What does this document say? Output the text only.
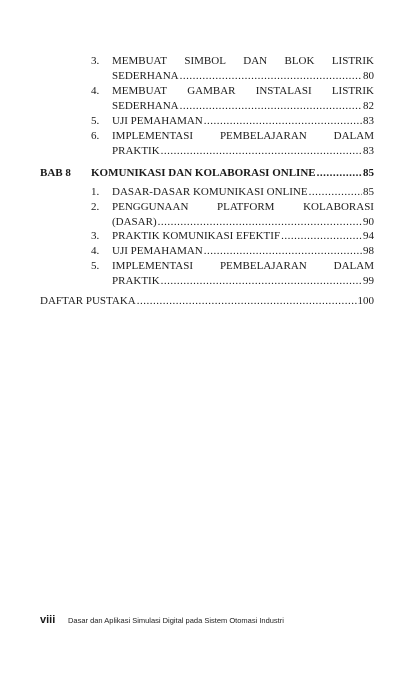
3.	MEMBUAT SIMBOL DAN BLOK LISTRIK
SEDERHANA .....	80
4.	MEMBUAT GAMBAR INSTALASI LISTRIK
SEDERHANA .....	82
5.	UJI PEMAHAMAN .....	83
6.	IMPLEMENTASI PEMBELAJARAN DALAM
PRAKTIK .....	83
BAB 8 KOMUNIKASI DAN KOLABORASI ONLINE .....	85
1.	DASAR-DASAR KOMUNIKASI ONLINE .....	85
2.	PENGGUNAAN	PLATFORM	KOLABORASI
(DASAR) .....	90
3.	PRAKTIK KOMUNIKASI EFEKTIF .....	94
4.	UJI PEMAHAMAN .....	98
5.	IMPLEMENTASI PEMBELAJARAN DALAM
PRAKTIK .....	99
DAFTAR PUSTAKA .....	100
viii Dasar dan Aplikasi Simulasi Digital pada Sistem Otomasi Industri
